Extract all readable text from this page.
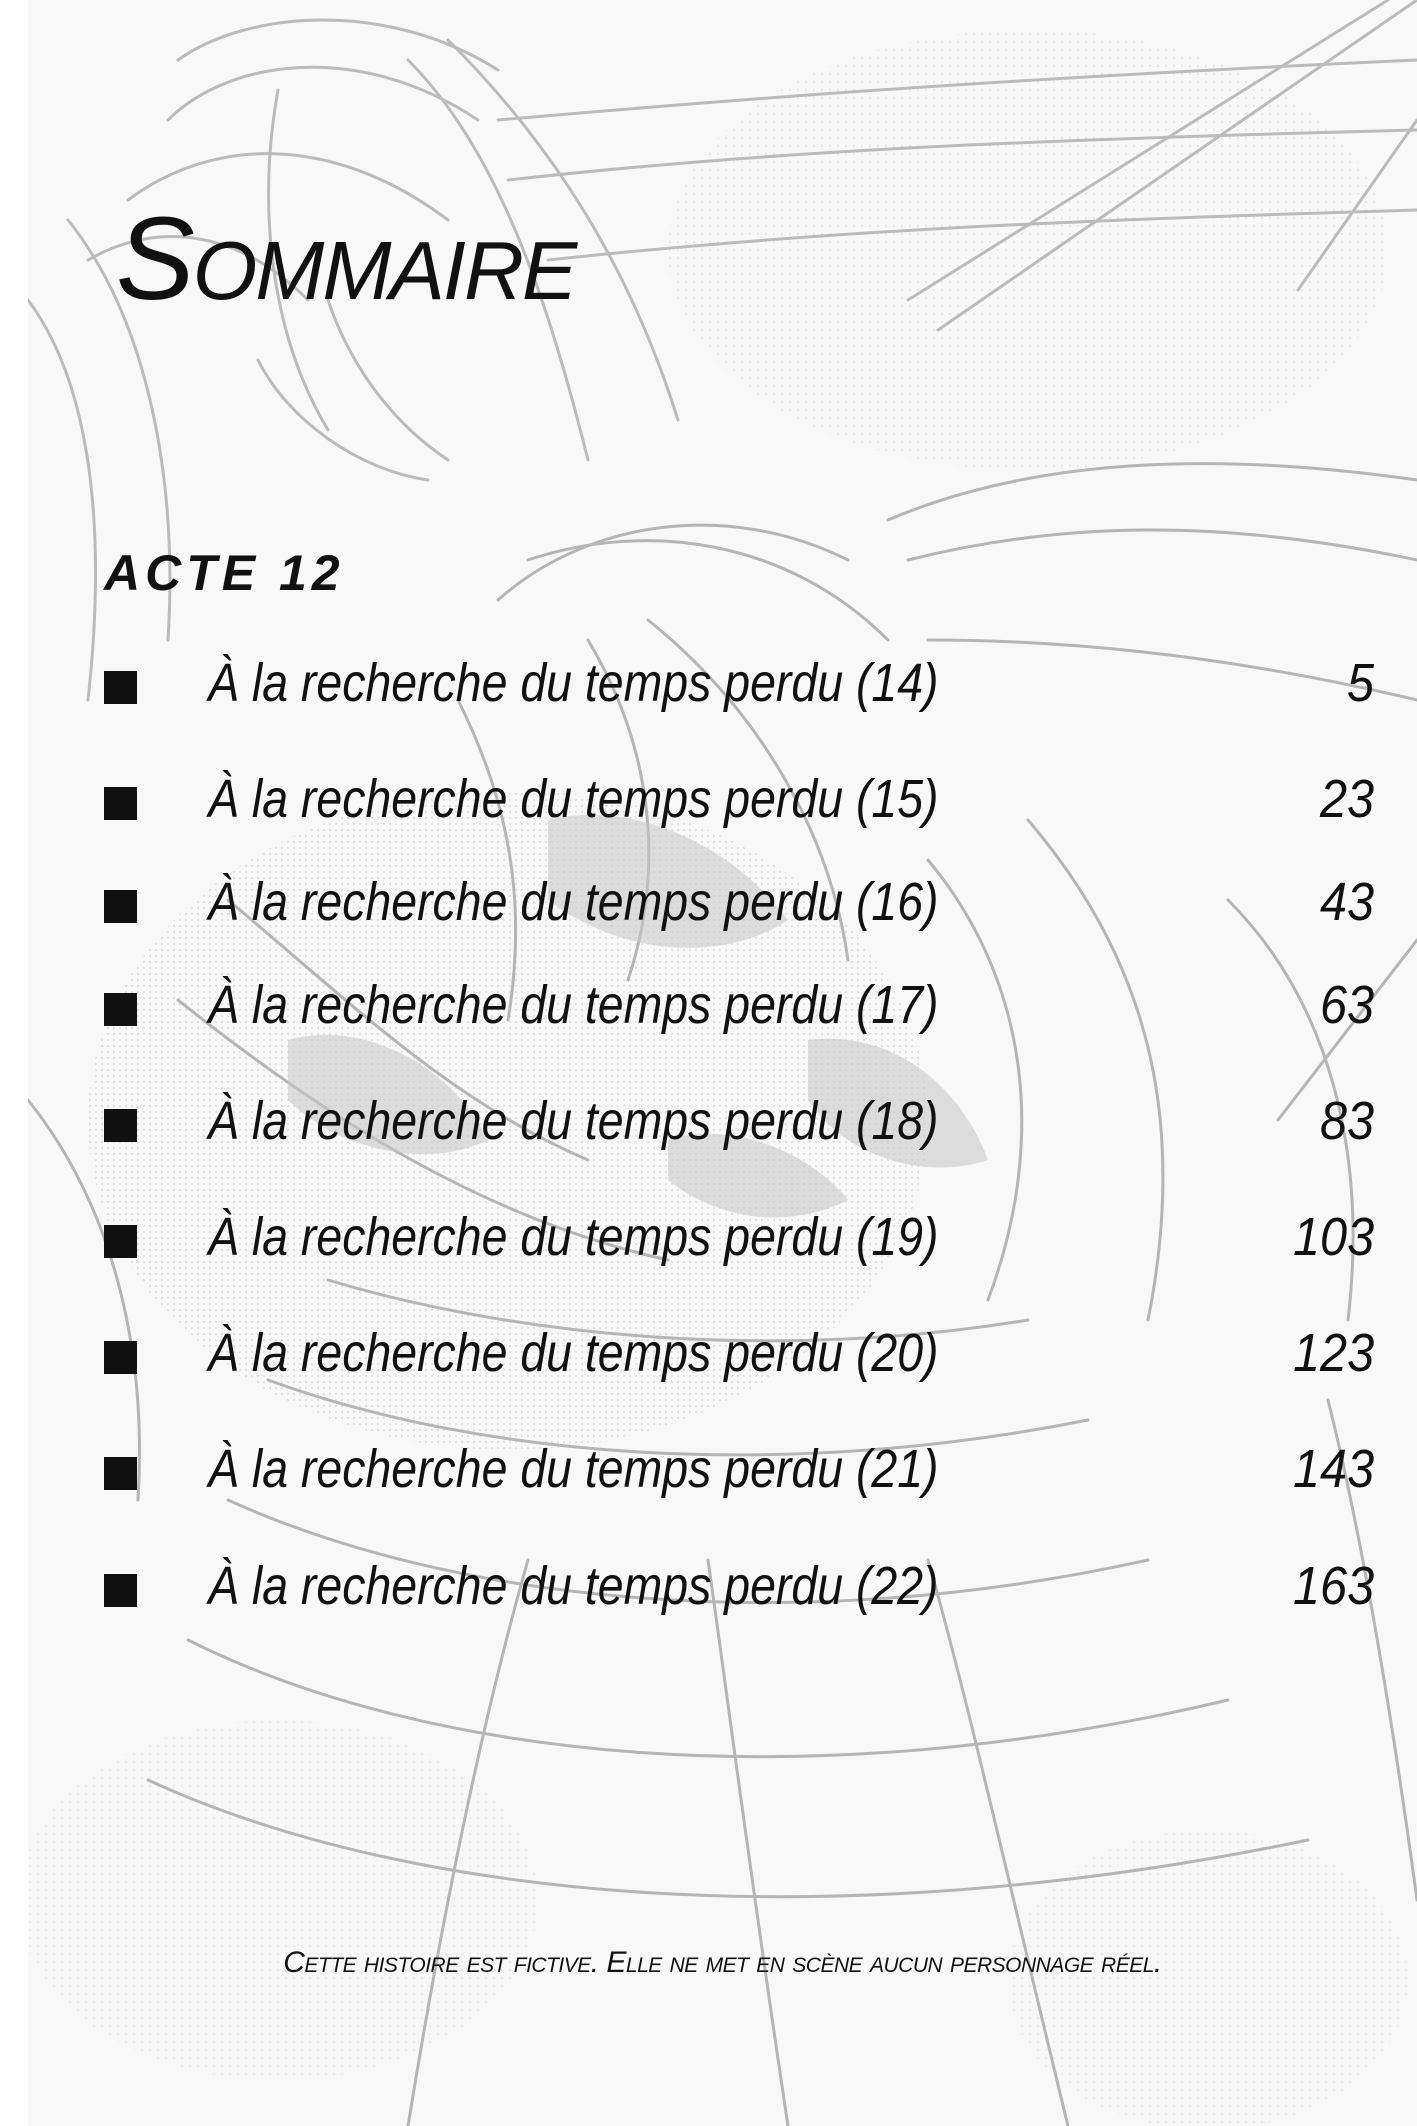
Sommaire
ACTE 12
À la recherche du temps perdu (14)	5
À la recherche du temps perdu (15)	23
À la recherche du temps perdu (16)	43
À la recherche du temps perdu (17)	63
À la recherche du temps perdu (18)	83
À la recherche du temps perdu (19)	103
À la recherche du temps perdu (20)	123
À la recherche du temps perdu (21)	143
À la recherche du temps perdu (22)	163

Cette histoire est fictive. Elle ne met en scène aucun personnage réel.
